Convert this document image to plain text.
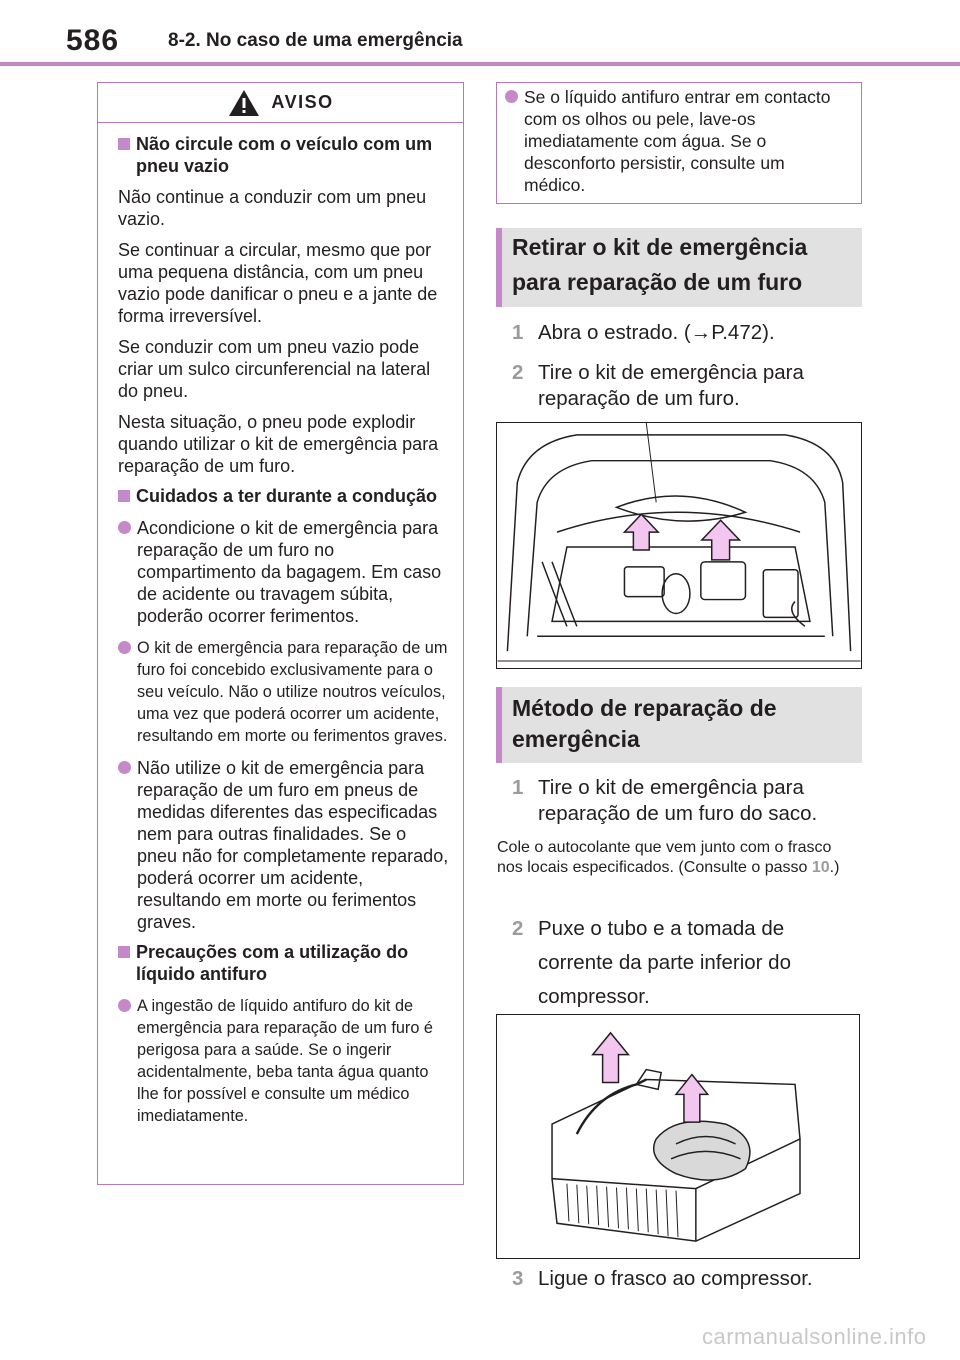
586	8-2. No caso de uma emergência
AVISO
Não circule com o veículo com um pneu vazio
Não continue a conduzir com um pneu vazio.
Se continuar a circular, mesmo que por uma pequena distância, com um pneu vazio pode danificar o pneu e a jante de forma irreversível.
Se conduzir com um pneu vazio pode criar um sulco circunferencial na lateral do pneu.
Nesta situação, o pneu pode explodir quando utilizar o kit de emergência para reparação de um furo.
Cuidados a ter durante a condução
Acondicione o kit de emergência para reparação de um furo no compartimento da bagagem. Em caso de acidente ou travagem súbita, poderão ocorrer ferimentos.
O kit de emergência para reparação de um furo foi concebido exclusivamente para o seu veículo. Não o utilize noutros veículos, uma vez que poderá ocorrer um acidente, resultando em morte ou ferimentos graves.
Não utilize o kit de emergência para reparação de um furo em pneus de medidas diferentes das especificadas nem para outras finalidades. Se o pneu não for completamente reparado, poderá ocorrer um acidente, resultando em morte ou ferimentos graves.
Precauções com a utilização do líquido antifuro
A ingestão de líquido antifuro do kit de emergência para reparação de um furo é perigosa para a saúde. Se o ingerir acidentalmente, beba tanta água quanto lhe for possível e consulte um médico imediatamente.
Se o líquido antifuro entrar em contacto com os olhos ou pele, lave-os imediatamente com água. Se o desconforto persistir, consulte um médico.
Retirar o kit de emergência para reparação de um furo
1 Abra o estrado. (→P.472).
2 Tire o kit de emergência para reparação de um furo.
Método de reparação de emergência
1 Tire o kit de emergência para reparação de um furo do saco.
Cole o autocolante que vem junto com o frasco nos locais especificados. (Consulte o passo 10.)
2 Puxe o tubo e a tomada de corrente da parte inferior do compressor.
3 Ligue o frasco ao compressor.
carmanualsonline.info
